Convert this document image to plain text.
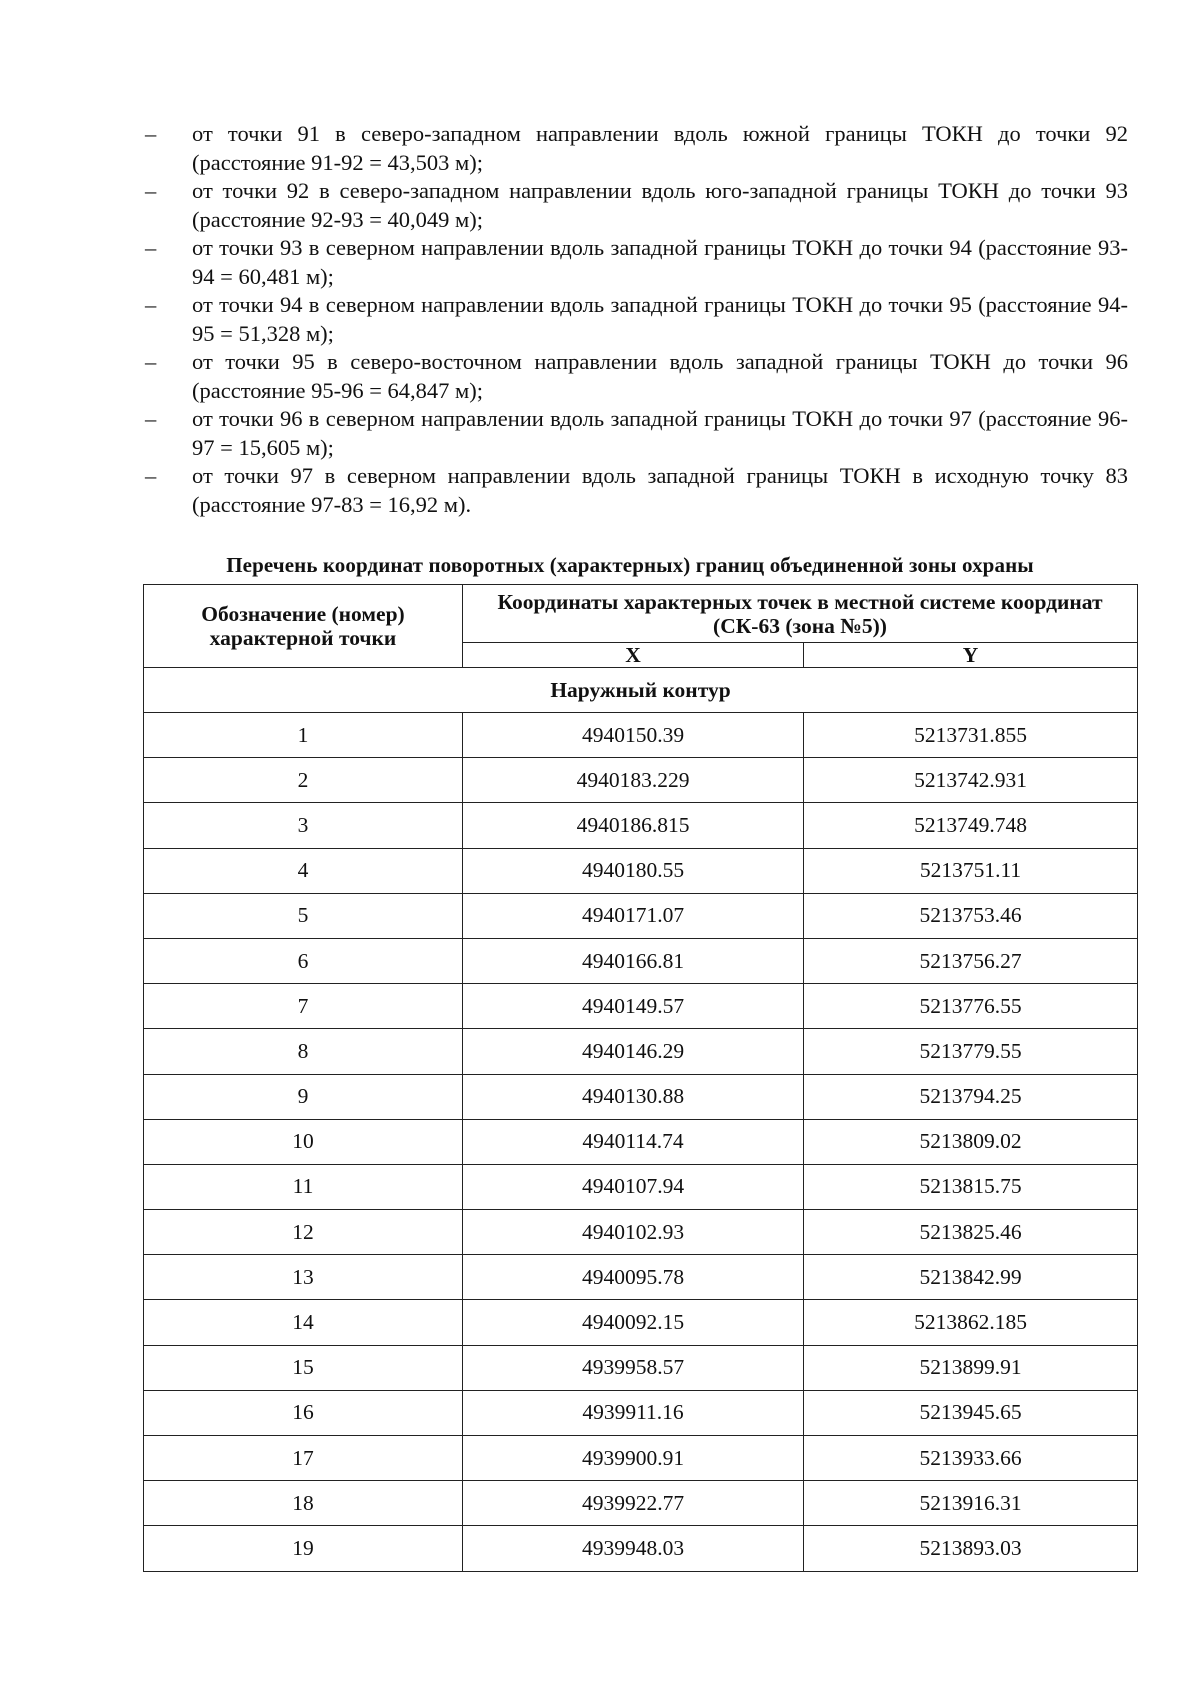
– от точки 91 в северо-западном направлении вдоль южной границы ТОКН до точки 92 (расстояние 91-92 = 43,503 м);
– от точки 92 в северо-западном направлении вдоль юго-западной границы ТОКН до точки 93 (расстояние 92-93 = 40,049 м);
– от точки 93 в северном направлении вдоль западной границы ТОКН до точки 94 (расстояние 93-94 = 60,481 м);
– от точки 94 в северном направлении вдоль западной границы ТОКН до точки 95 (расстояние 94-95 = 51,328 м);
– от точки 95 в северо-восточном направлении вдоль западной границы ТОКН до точки 96 (расстояние 95-96 = 64,847 м);
– от точки 96 в северном направлении вдоль западной границы ТОКН до точки 97 (расстояние 96-97 = 15,605 м);
– от точки 97 в северном направлении вдоль западной границы ТОКН в исходную точку 83 (расстояние 97-83 = 16,92 м).
Перечень координат поворотных (характерных) границ объединенной зоны охраны
Обозначение (номер) характерной точки	Координаты характерных точек в местной системе координат (СК-63 (зона №5))	
	X	Y
Наружный контур		
1	4940150.39	5213731.855
2	4940183.229	5213742.931
3	4940186.815	5213749.748
4	4940180.55	5213751.11
5	4940171.07	5213753.46
6	4940166.81	5213756.27
7	4940149.57	5213776.55
8	4940146.29	5213779.55
9	4940130.88	5213794.25
10	4940114.74	5213809.02
11	4940107.94	5213815.75
12	4940102.93	5213825.46
13	4940095.78	5213842.99
14	4940092.15	5213862.185
15	4939958.57	5213899.91
16	4939911.16	5213945.65
17	4939900.91	5213933.66
18	4939922.77	5213916.31
19	4939948.03	5213893.03
